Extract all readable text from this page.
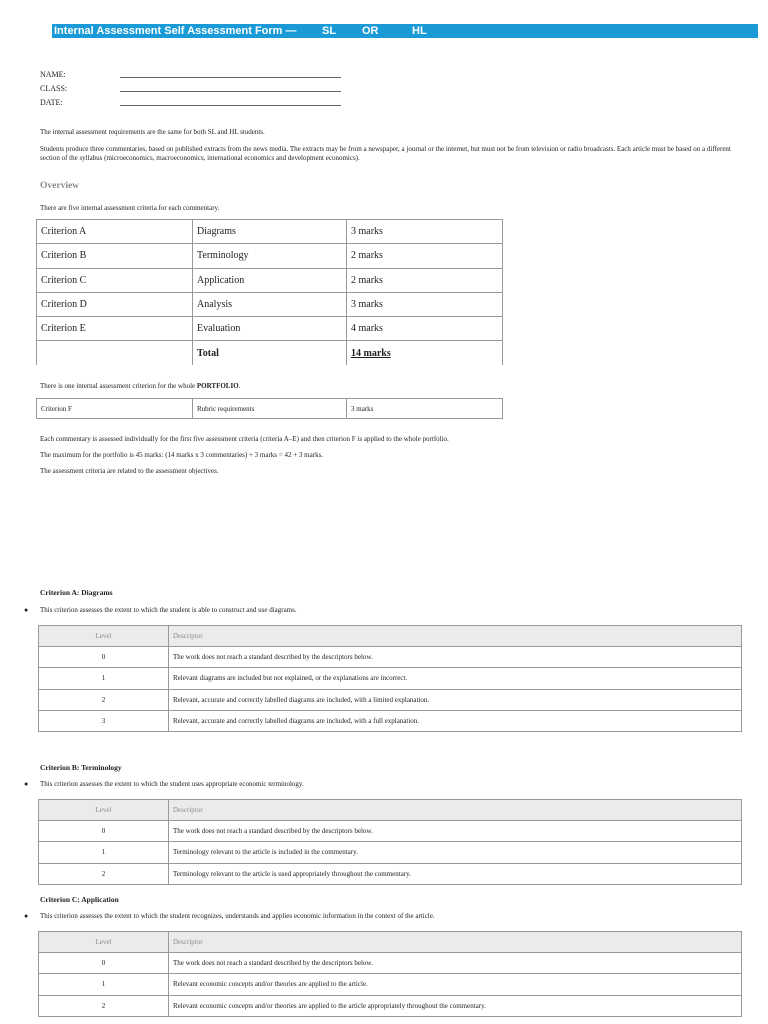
Internal Assessment Self Assessment Form — SL OR	HL
NAME:
CLASS:
DATE:
The internal assessment requirements are the same for both SL and HL students.
Students produce three commentaries, based on published extracts from the news media. The extracts may be from a newspaper, a journal or the internet, but must not be from television or radio broadcasts. Each article must be based on a different section of the syllabus (microeconomics, macroeconomics, international economics and development economics).
Overview
There are five internal assessment criteria for each commentary.
Criterion A	Diagrams	3 marks
Criterion B	Terminology	2 marks
Criterion C	Application	2 marks
Criterion D	Analysis	3 marks
Criterion E	Evaluation	4 marks
	Total	14 marks
There is one internal assessment criterion for the whole PORTFOLIO.
Criterion F	Rubric requirements	3 marks
Each commentary is assessed individually for the first five assessment criteria (criteria A–E) and then criterion F is applied to the whole portfolio.
The maximum for the portfolio is 45 marks: (14 marks x 3 commentaries) + 3 marks = 42 + 3 marks.
The assessment criteria are related to the assessment objectives.
Criterion A: Diagrams
● This criterion assesses the extent to which the student is able to construct and use diagrams.
Level	Descriptor
0	The work does not reach a standard described by the descriptors below.
1	Relevant diagrams are included but not explained, or the explanations are incorrect.
2	Relevant, accurate and correctly labelled diagrams are included, with a limited explanation.
3	Relevant, accurate and correctly labelled diagrams are included, with a full explanation.
Criterion B: Terminology
● This criterion assesses the extent to which the student uses appropriate economic terminology.
Level	Descriptor
0	The work does not reach a standard described by the descriptors below.
1	Terminology relevant to the article is included in the commentary.
2	Terminology relevant to the article is used appropriately throughout the commentary.
Criterion C: Application
● This criterion assesses the extent to which the student recognizes, understands and applies economic information in the context of the article.
Level	Descriptor
0	The work does not reach a standard described by the descriptors below.
1	Relevant economic concepts and/or theories are applied to the article.
2	Relevant economic concepts and/or theories are applied to the article appropriately throughout the commentary.
